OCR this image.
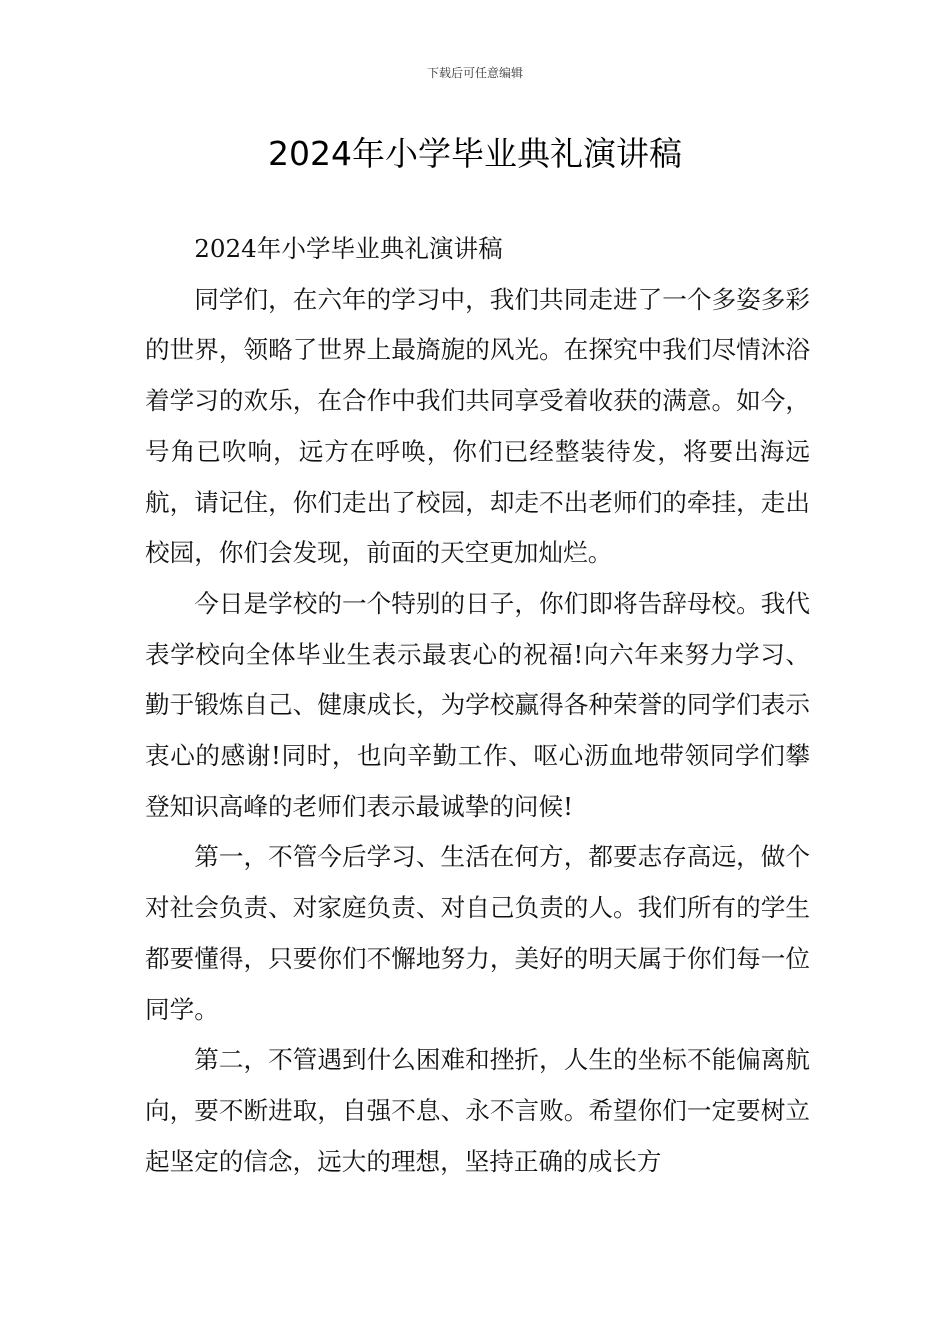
下载后可任意编辑
2024年小学毕业典礼演讲稿

2024年小学毕业典礼演讲稿

同学们，在六年的学习中，我们共同走进了一个多姿多彩的世界，领略了世界上最旖旎的风光。在探究中我们尽情沐浴着学习的欢乐，在合作中我们共同享受着收获的满意。如今，号角已吹响，远方在呼唤，你们已经整装待发，将要出海远航，请记住，你们走出了校园，却走不出老师们的牵挂，走出校园，你们会发现，前面的天空更加灿烂。

今日是学校的一个特别的日子，你们即将告辞母校。我代表学校向全体毕业生表示最衷心的祝福!向六年来努力学习、勤于锻炼自己、健康成长，为学校赢得各种荣誉的同学们表示衷心的感谢!同时，也向辛勤工作、呕心沥血地带领同学们攀登知识高峰的老师们表示最诚挚的问候!

第一，不管今后学习、生活在何方，都要志存高远，做个对社会负责、对家庭负责、对自己负责的人。我们所有的学生都要懂得，只要你们不懈地努力，美好的明天属于你们每一位同学。

第二，不管遇到什么困难和挫折，人生的坐标不能偏离航向，要不断进取，自强不息、永不言败。希望你们一定要树立起坚定的信念，远大的理想，坚持正确的成长方
